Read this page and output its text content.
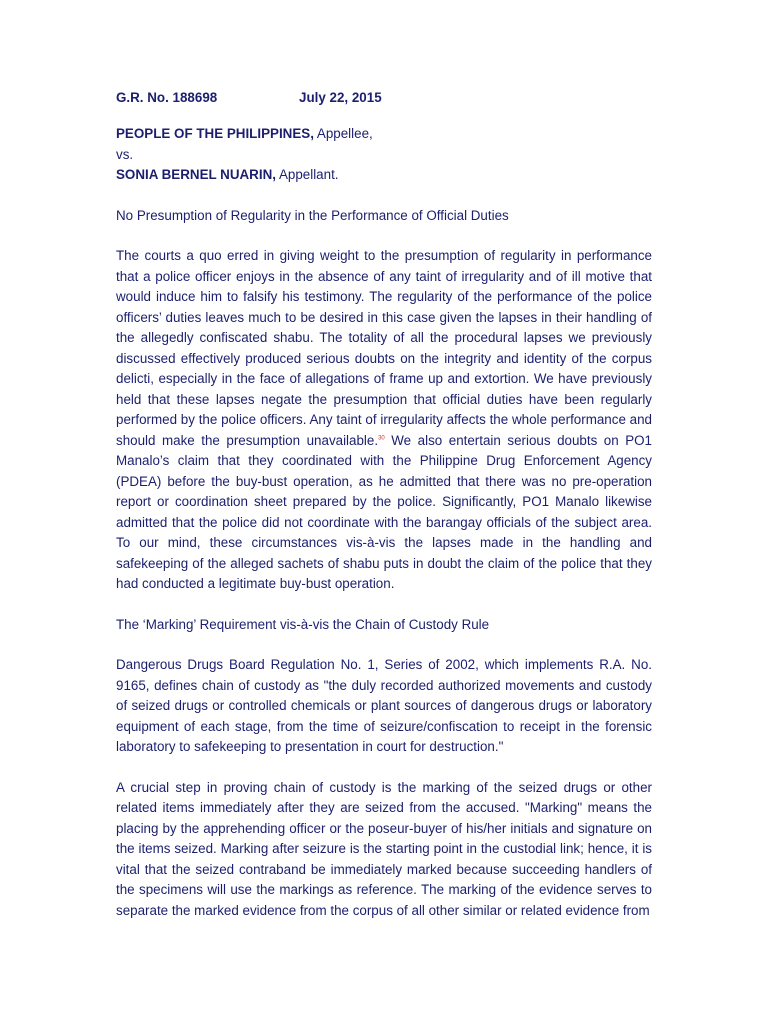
G.R. No. 188698	July 22, 2015

PEOPLE OF THE PHILIPPINES, Appellee,

vs.

SONIA BERNEL NUARIN, Appellant.

No Presumption of Regularity in the Performance of Official Duties

The courts a quo erred in giving weight to the presumption of regularity in performance that a police officer enjoys in the absence of any taint of irregularity and of ill motive that would induce him to falsify his testimony. The regularity of the performance of the police officers’ duties leaves much to be desired in this case given the lapses in their handling of the allegedly confiscated shabu. The totality of all the procedural lapses we previously discussed effectively produced serious doubts on the integrity and identity of the corpus delicti, especially in the face of allegations of frame up and extortion. We have previously held that these lapses negate the presumption that official duties have been regularly performed by the police officers. Any taint of irregularity affects the whole performance and should make the presumption unavailable.$^{30}$ We also entertain serious doubts on PO1 Manalo’s claim that they coordinated with the Philippine Drug Enforcement Agency (PDEA) before the buy-bust operation, as he admitted that there was no pre-operation report or coordination sheet prepared by the police. Significantly, PO1 Manalo likewise admitted that the police did not coordinate with the barangay officials of the subject area. To our mind, these circumstances vis-à-vis the lapses made in the handling and safekeeping of the alleged sachets of shabu puts in doubt the claim of the police that they had conducted a legitimate buy-bust operation.

The ‘Marking’ Requirement vis-à-vis the Chain of Custody Rule

Dangerous Drugs Board Regulation No. 1, Series of 2002, which implements R.A. No. 9165, defines chain of custody as "the duly recorded authorized movements and custody of seized drugs or controlled chemicals or plant sources of dangerous drugs or laboratory equipment of each stage, from the time of seizure/confiscation to receipt in the forensic laboratory to safekeeping to presentation in court for destruction."

A crucial step in proving chain of custody is the marking of the seized drugs or other related items immediately after they are seized from the accused. "Marking" means the placing by the apprehending officer or the poseur-buyer of his/her initials and signature on the items seized. Marking after seizure is the starting point in the custodial link; hence, it is vital that the seized contraband be immediately marked because succeeding handlers of the specimens will use the markings as reference. The marking of the evidence serves to separate the marked evidence from the corpus of all other similar or related evidence from
